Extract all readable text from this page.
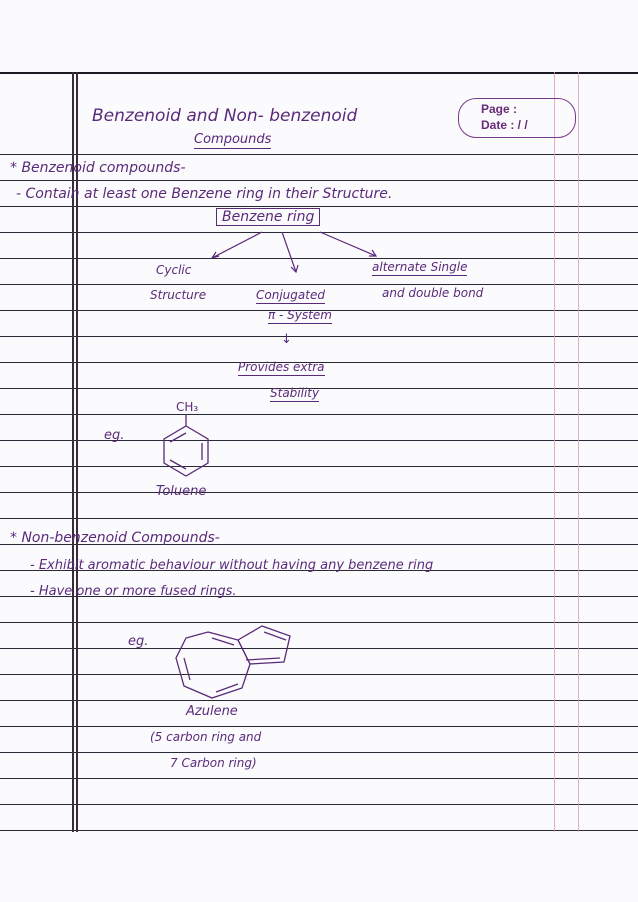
Benzenoid and Non- benzenoid
Compounds
Page :
Date : / /
* Benzenoid compounds-
- Contain at least one Benzene ring in their Structure.
Benzene ring
Cyclic
Structure	Conjugated
π - System
alternate Single
and double bond
↓
Provides extra
Stability
eg.
CH₃
Toluene
* Non-benzenoid Compounds-
- Exhibit aromatic behaviour without having any benzene ring
- Have one or more fused rings.
eg.
Azulene
(5 carbon ring and
7 Carbon ring)
